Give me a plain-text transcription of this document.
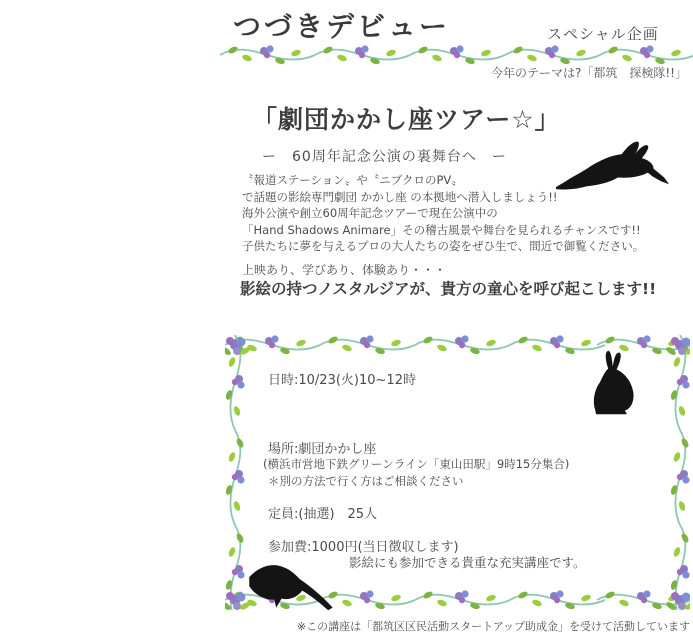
つづきデビュー	スペシャル企画
今年のテーマは?「都筑　探検隊!!」
「劇団かかし座ツアー☆」
ー　60周年記念公演の裏舞台へ　ー
〝報道ステーション〟や〝ニブクロのPV〟
で話題の影絵専門劇団 かかし座 の本拠地へ潜入しましょう!!
海外公演や創立60周年記念ツアーで現在公演中の
「Hand Shadows Animare」その稽古風景や舞台を見られるチャンスです!!
子供たちに夢を与えるプロの大人たちの姿をぜひ生で、間近で御覧ください。
上映あり、学びあり、体験あり・・・
影絵の持つノスタルジアが、貴方の童心を呼び起こします!!
日時:10/23(火)10~12時
場所:劇団かかし座
(横浜市営地下鉄グリーンライン「東山田駅」9時15分集合)
＊別の方法で行く方はご相談ください
定員:(抽選)　25人
参加費:1000円(当日徴収します)
影絵にも参加できる貴重な充実講座です。
※この講座は「都筑区区民活動スタートアップ助成金」を受けて活動しています
